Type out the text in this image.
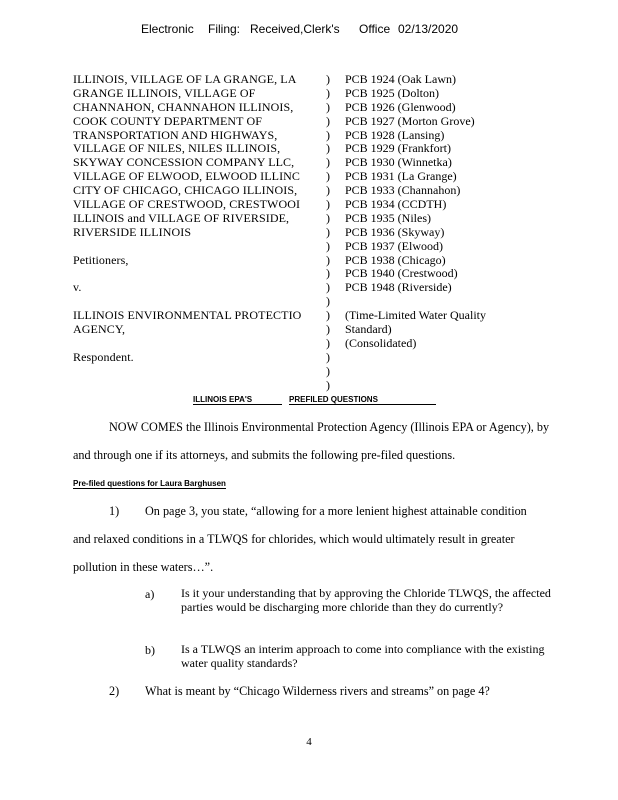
Electronic Filing: Received,Clerk's Office 02/13/2020
ILLINOIS, VILLAGE OF LA GRANGE, LA
GRANGE ILLINOIS, VILLAGE OF
CHANNAHON, CHANNAHON ILLINOIS,
COOK COUNTY DEPARTMENT OF
TRANSPORTATION AND HIGHWAYS,
VILLAGE OF NILES, NILES ILLINOIS,
SKYWAY CONCESSION COMPANY LLC,
VILLAGE OF ELWOOD, ELWOOD ILLINC
CITY OF CHICAGO, CHICAGO ILLINOIS,
VILLAGE OF CRESTWOOD, CRESTWOOI
ILLINOIS and VILLAGE OF RIVERSIDE,
RIVERSIDE ILLINOIS
Petitioners,
v.
ILLINOIS ENVIRONMENTAL PROTECTIO
AGENCY,
Respondent.
)
)
)
)
)
)
)
)
)
)
)
)
)
)
)
)
)
)
)
)
)
)
)
PCB 1924 (Oak Lawn)
PCB 1925 (Dolton)
PCB 1926 (Glenwood)
PCB 1927 (Morton Grove)
PCB 1928 (Lansing)
PCB 1929 (Frankfort)
PCB 1930 (Winnetka)
PCB 1931 (La Grange)
PCB 1933 (Channahon)
PCB 1934 (CCDTH)
PCB 1935 (Niles)
PCB 1936 (Skyway)
PCB 1937 (Elwood)
PCB 1938 (Chicago)
PCB 1940 (Crestwood)
PCB 1948 (Riverside)
(Time-Limited Water Quality
Standard)
(Consolidated)
ILLINOIS EPA'S	PREFILED QUESTIONS
NOW COMES the Illinois Environmental Protection Agency (Illinois EPA or Agency), by
and through one if its attorneys, and submits the following pre-filed questions.
Pre-filed questions for Laura Barghusen
1) On page 3, you state, “allowing for a more lenient highest attainable condition
and relaxed conditions in a TLWQS for chlorides, which would ultimately result in greater
pollution in these waters…”.
a) Is it your understanding that by approving the Chloride TLWQS, the affected parties would be discharging more chloride than they do currently?
b) Is a TLWQS an interim approach to come into compliance with the existing water quality standards?
2) What is meant by “Chicago Wilderness rivers and streams” on page 4?
4
